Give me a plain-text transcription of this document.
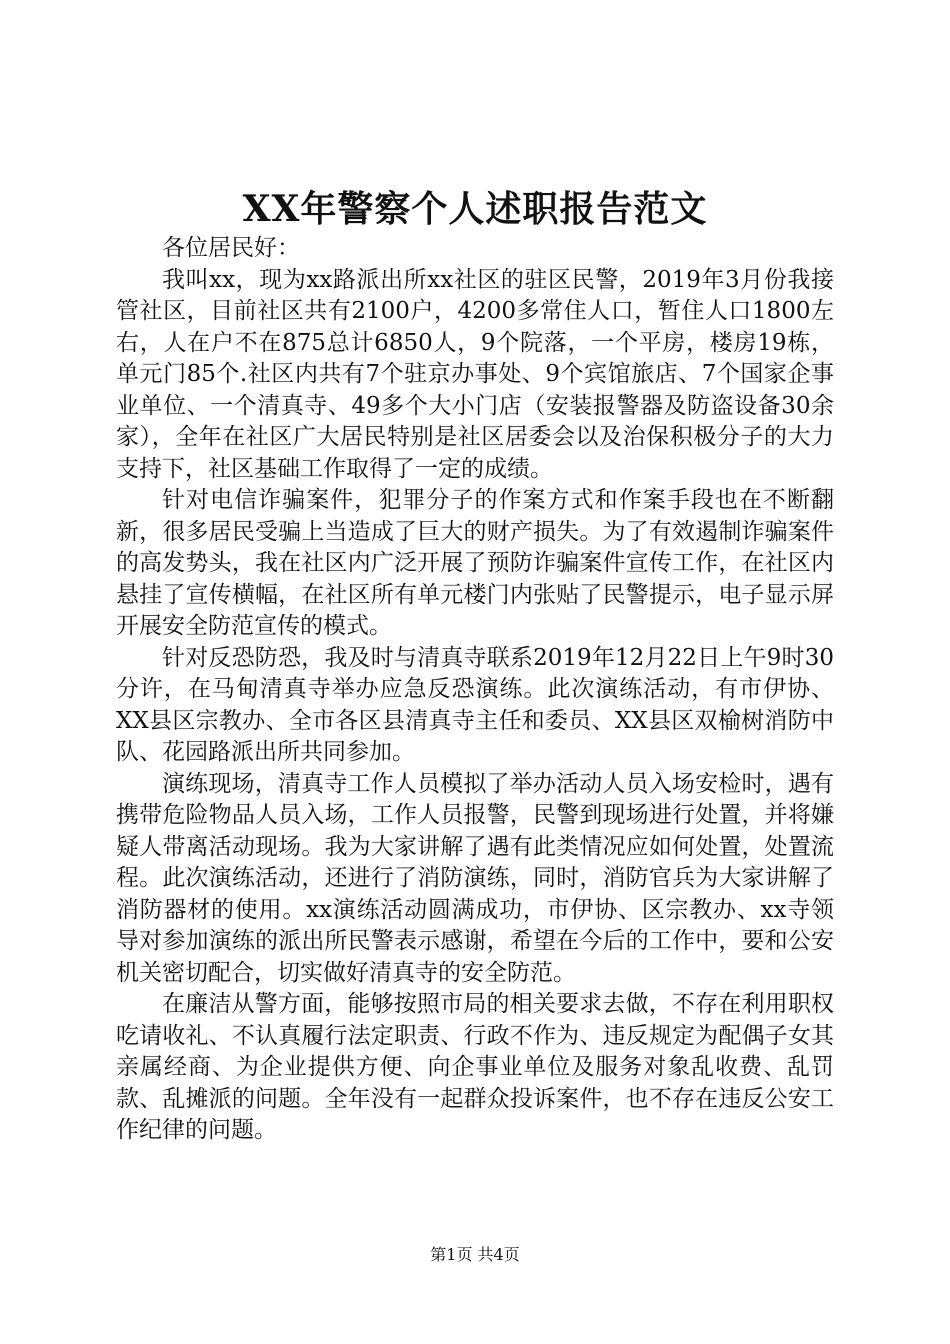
XX年警察个人述职报告范文

各位居民好：

我叫xx，现为xx路派出所xx社区的驻区民警，2019年3月份我接管社区，目前社区共有2100户，4200多常住人口，暂住人口1800左右，人在户不在875总计6850人，9个院落，一个平房，楼房19栋，单元门85个.社区内共有7个驻京办事处、9个宾馆旅店、7个国家企事业单位、一个清真寺、49多个大小门店（安装报警器及防盗设备30余家），全年在社区广大居民特别是社区居委会以及治保积极分子的大力支持下，社区基础工作取得了一定的成绩。

针对电信诈骗案件，犯罪分子的作案方式和作案手段也在不断翻新，很多居民受骗上当造成了巨大的财产损失。为了有效遏制诈骗案件的高发势头，我在社区内广泛开展了预防诈骗案件宣传工作，在社区内悬挂了宣传横幅，在社区所有单元楼门内张贴了民警提示，电子显示屏开展安全防范宣传的模式。

针对反恐防恐，我及时与清真寺联系2019年12月22日上午9时30分许，在马甸清真寺举办应急反恐演练。此次演练活动，有市伊协、XX县区宗教办、全市各区县清真寺主任和委员、XX县区双榆树消防中队、花园路派出所共同参加。

演练现场，清真寺工作人员模拟了举办活动人员入场安检时，遇有携带危险物品人员入场，工作人员报警，民警到现场进行处置，并将嫌疑人带离活动现场。我为大家讲解了遇有此类情况应如何处置，处置流程。此次演练活动，还进行了消防演练，同时，消防官兵为大家讲解了消防器材的使用。xx演练活动圆满成功，市伊协、区宗教办、xx寺领导对参加演练的派出所民警表示感谢，希望在今后的工作中，要和公安机关密切配合，切实做好清真寺的安全防范。

在廉洁从警方面，能够按照市局的相关要求去做，不存在利用职权吃请收礼、不认真履行法定职责、行政不作为、违反规定为配偶子女其亲属经商、为企业提供方便、向企事业单位及服务对象乱收费、乱罚款、乱摊派的问题。全年没有一起群众投诉案件，也不存在违反公安工作纪律的问题。

第1页 共4页
